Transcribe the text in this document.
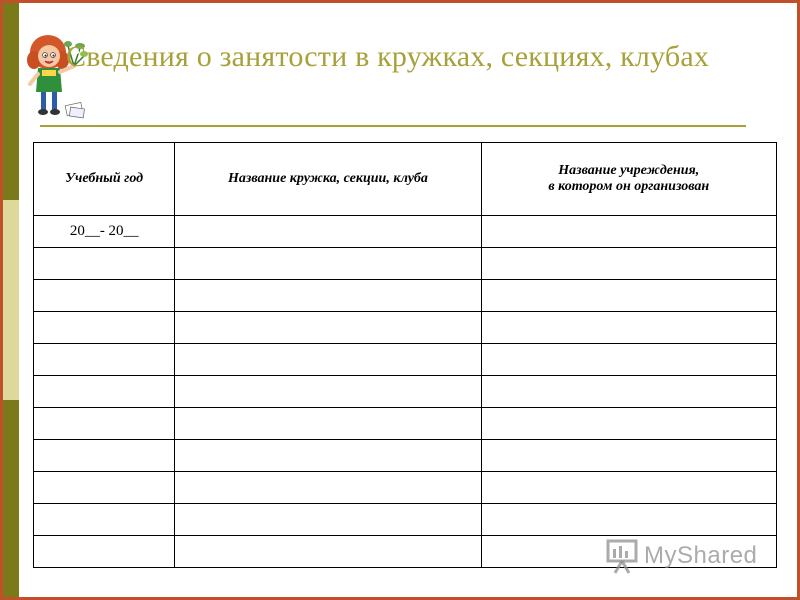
Сведения о занятости в кружках, секциях, клубах
Учебный год	Название кружка, секции, клуба	Название учреждения,
в котором он организован
20__- 20__		

MyShared
